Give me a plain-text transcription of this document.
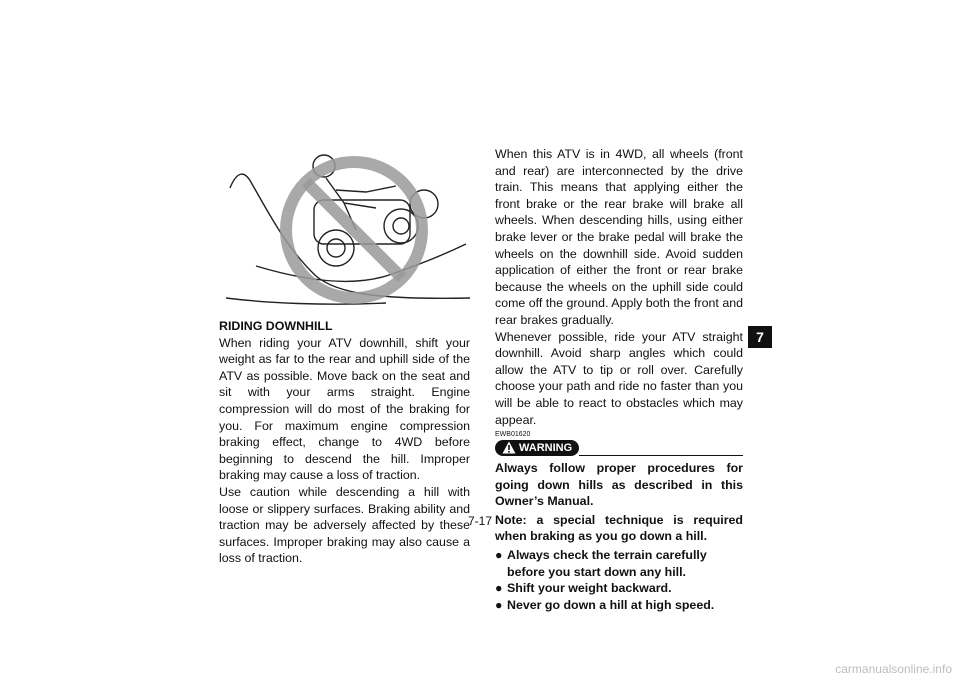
RIDING DOWNHILL

When riding your ATV downhill, shift your weight as far to the rear and uphill side of the ATV as possible. Move back on the seat and sit with your arms straight. Engine compression will do most of the braking for you. For maximum engine compression braking effect, change to 4WD before beginning to descend the hill. Improper braking may cause a loss of traction.

Use caution while descending a hill with loose or slippery surfaces. Braking ability and traction may be adversely affected by these surfaces. Improper braking may also cause a loss of traction.

When this ATV is in 4WD, all wheels (front and rear) are interconnected by the drive train. This means that applying either the front brake or the rear brake will brake all wheels. When descending hills, using either brake lever or the brake pedal will brake the wheels on the downhill side. Avoid sudden application of either the front or rear brake because the wheels on the uphill side could come off the ground. Apply both the front and rear brakes gradually.

Whenever possible, ride your ATV straight downhill. Avoid sharp angles which could allow the ATV to tip or roll over. Carefully choose your path and ride no faster than you will be able to react to obstacles which may appear.

EWB01620
WARNING

Always follow proper procedures for going down hills as described in this Owner’s Manual.

Note: a special technique is required when braking as you go down a hill.

● Always check the terrain carefully before you start down any hill.
● Shift your weight backward.
● Never go down a hill at high speed.
7
7-17
carmanualsonline.info
